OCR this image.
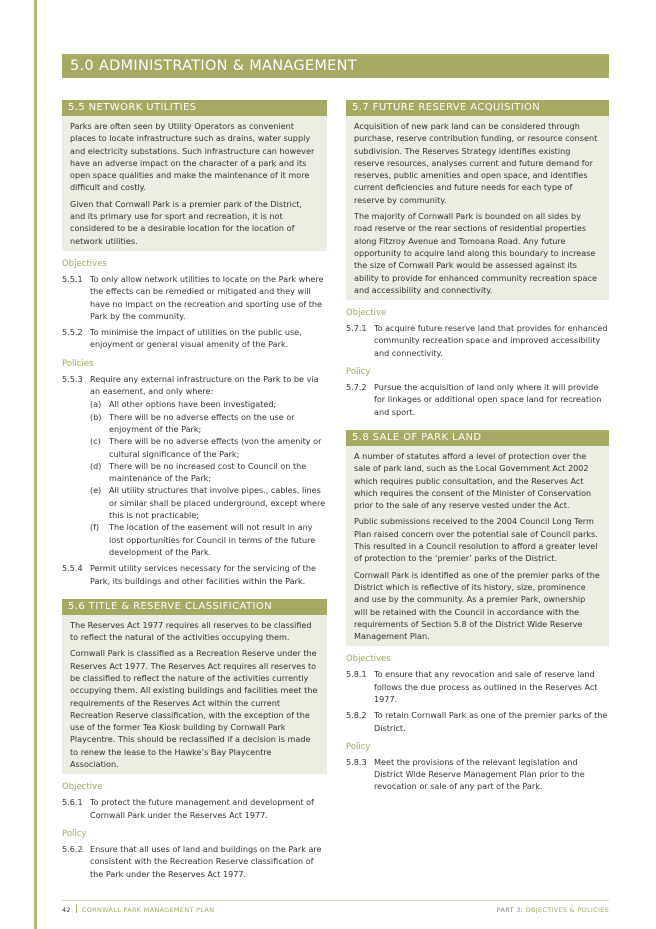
5.0 ADMINISTRATION & MANAGEMENT
5.5 NETWORK UTILITIES

Parks are often seen by Utility Operators as convenient places to locate infrastructure such as drains, water supply and electricity substations. Such infrastructure can however have an adverse impact on the character of a park and its open space qualities and make the maintenance of it more difficult and costly.

Given that Cornwall Park is a premier park of the District, and its primary use for sport and recreation, it is not considered to be a desirable location for the location of network utilities.

Objectives
5.5.1 To only allow network utilities to locate on the Park where the effects can be remedied or mitigated and they will have no impact on the recreation and sporting use of the Park by the community.
5.5.2 To minimise the impact of utilities on the public use, enjoyment or general visual amenity of the Park.
Policies
5.5.3 Require any external infrastructure on the Park to be via an easement, and only where:
(a) All other options have been investigated;
(b) There will be no adverse effects on the use or enjoyment of the Park;
(c)	There will be no adverse effects (von the amenity or cultural significance of the Park;
(d) There will be no increased cost to Council on the maintenance of the Park;
(e) All utility structures that involve pipes., cables, lines or similar shall be placed underground, except where this is not practicable;
(f)	The location of the easement will not result in any lost opportunities for Council in terms of the future development of the Park.
5.5.4 Permit utility services necessary for the servicing of the Park, its buildings and other facilities within the Park.
5.6 TITLE & RESERVE CLASSIFICATION

The Reserves Act 1977 requires all reserves to be classified to reflect the natural of the activities occupying them.

Cornwall Park is classified as a Recreation Reserve under the Reserves Act 1977. The Reserves Act requires all reserves to be classified to reflect the nature of the activities currently occupying them. All existing buildings and facilities meet the requirements of the Reserves Act within the current Recreation Reserve classification, with the exception of the use of the former Tea Kiosk building by Cornwall Park Playcentre. This should be reclassified if a decision is made to renew the lease to the Hawke’s Bay Playcentre Association.

Objective
5.6.1 To protect the future management and development of Cornwall Park under the Reserves Act 1977.
Policy
5.6.2 Ensure that all uses of land and buildings on the Park are consistent with the Recreation Reserve classification of the Park under the Reserves Act 1977.
5.7 FUTURE RESERVE ACQUISITION

Acquisition of new park land can be considered through purchase, reserve contribution funding, or resource consent subdivision. The Reserves Strategy identifies existing reserve resources, analyses current and future demand for reserves, public amenities and open space, and identifies current deficiencies and future needs for each type of reserve by community.

The majority of Cornwall Park is bounded on all sides by road reserve or the rear sections of residential properties along Fitzroy Avenue and Tomoana Road. Any future opportunity to acquire land along this boundary to increase the size of Cornwall Park would be assessed against its ability to provide for enhanced community recreation space and accessibility and connectivity.

Objective
5.7.1 To acquire future reserve land that provides for enhanced community recreation space and improved accessibility and connectivity.
Policy
5.7.2 Pursue the acquisition of land only where it will provide for linkages or additional open space land for recreation and sport.
5.8 SALE OF PARK LAND

A number of statutes afford a level of protection over the sale of park land, such as the Local Government Act 2002 which requires public consultation, and the Reserves Act which requires the consent of the Minister of Conservation prior to the sale of any reserve vested under the Act.

Public submissions received to the 2004 Council Long Term Plan raised concern over the potential sale of Council parks. This resulted in a Council resolution to afford a greater level of protection to the ‘premier’ parks of the District.

Cornwall Park is identified as one of the premier parks of the District which is reflective of its history, size, prominence and use by the community. As a premier Park, ownership will be retained with the Council in accordance with the requirements of Section 5.8 of the District Wide Reserve Management Plan.

Objectives
5.8.1 To ensure that any revocation and sale of reserve land follows the due process as outlined in the Reserves Act 1977.
5.8.2 To retain Cornwall Park as one of the premier parks of the District.
Policy
5.8.3 Meet the provisions of the relevant legislation and District Wide Reserve Management Plan prior to the revocation or sale of any part of the Park.
42 CORNWALL PARK MANAGEMENT PLAN	PART 3: OBJECTIVES & POLICIES
